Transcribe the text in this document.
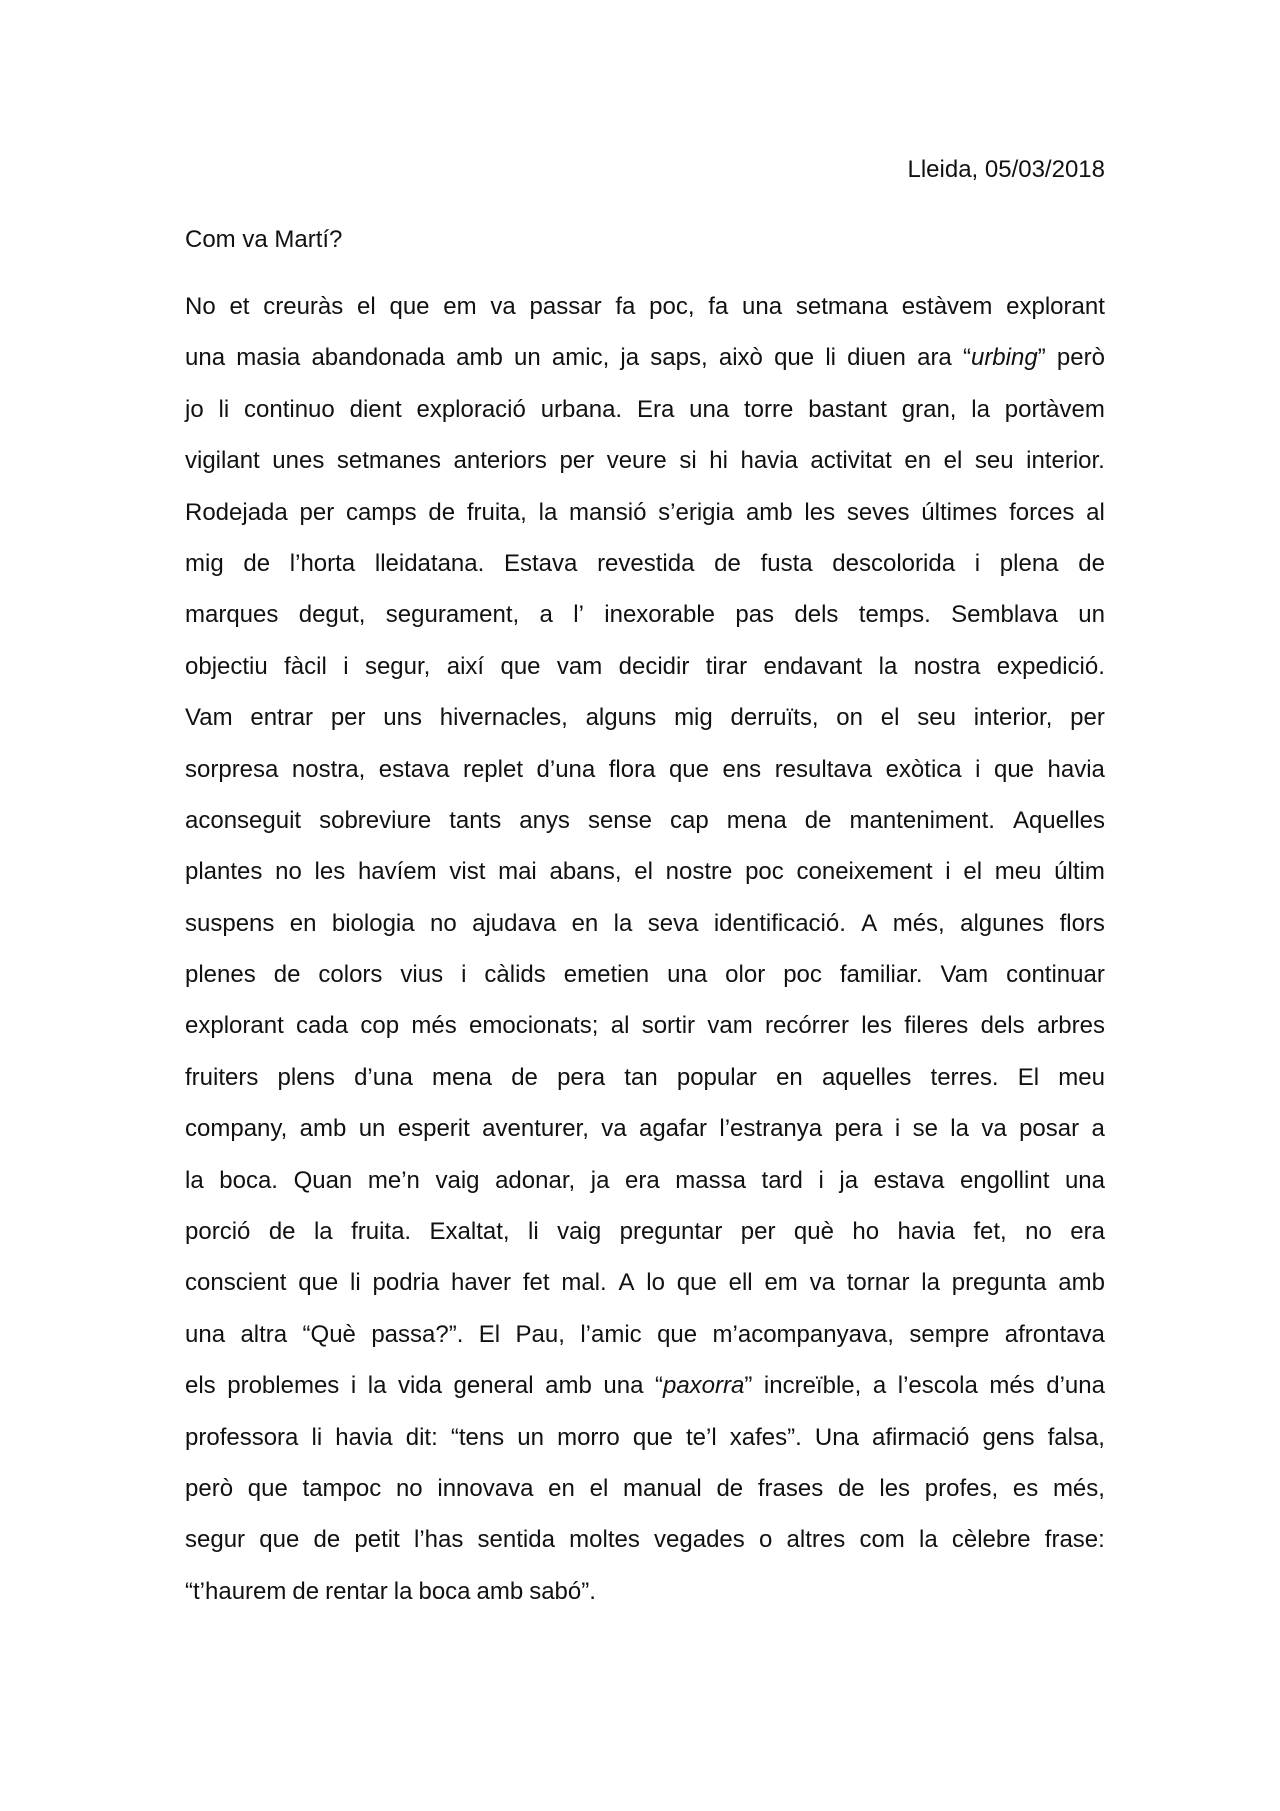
Lleida, 05/03/2018
Com va Martí?
No et creuràs el que em va passar fa poc, fa una setmana estàvem explorant
una masia abandonada amb un amic, ja saps, això que li diuen ara “urbing” però
jo li continuo dient exploració urbana. Era una torre bastant gran, la portàvem
vigilant unes setmanes anteriors per veure si hi havia activitat en el seu interior.
Rodejada per camps de fruita, la mansió s’erigia amb les seves últimes forces al
mig de l’horta lleidatana. Estava revestida de fusta descolorida i plena de
marques degut, segurament, a l’ inexorable pas dels temps. Semblava un
objectiu fàcil i segur, així que vam decidir tirar endavant la nostra expedició.
Vam entrar per uns hivernacles, alguns mig derruïts, on el seu interior, per
sorpresa nostra, estava replet d’una flora que ens resultava exòtica i que havia
aconseguit sobreviure tants anys sense cap mena de manteniment. Aquelles
plantes no les havíem vist mai abans, el nostre poc coneixement i el meu últim
suspens en biologia no ajudava en la seva identificació. A més, algunes flors
plenes de colors vius i càlids emetien una olor poc familiar. Vam continuar
explorant cada cop més emocionats; al sortir vam recórrer les fileres dels arbres
fruiters plens d’una mena de pera tan popular en aquelles terres. El meu
company, amb un esperit aventurer, va agafar l’estranya pera i se la va posar a
la boca. Quan me’n vaig adonar, ja era massa tard i ja estava engollint una
porció de la fruita. Exaltat, li vaig preguntar per què ho havia fet, no era
conscient que li podria haver fet mal. A lo que ell em va tornar la pregunta amb
una altra “Què passa?”. El Pau, l’amic que m’acompanyava, sempre afrontava
els problemes i la vida general amb una “paxorra” increïble, a l’escola més d’una
professora li havia dit: “tens un morro que te’l xafes”. Una afirmació gens falsa,
però que tampoc no innovava en el manual de frases de les profes, es més,
segur que de petit l’has sentida moltes vegades o altres com la cèlebre frase:
“t’haurem de rentar la boca amb sabó”.
